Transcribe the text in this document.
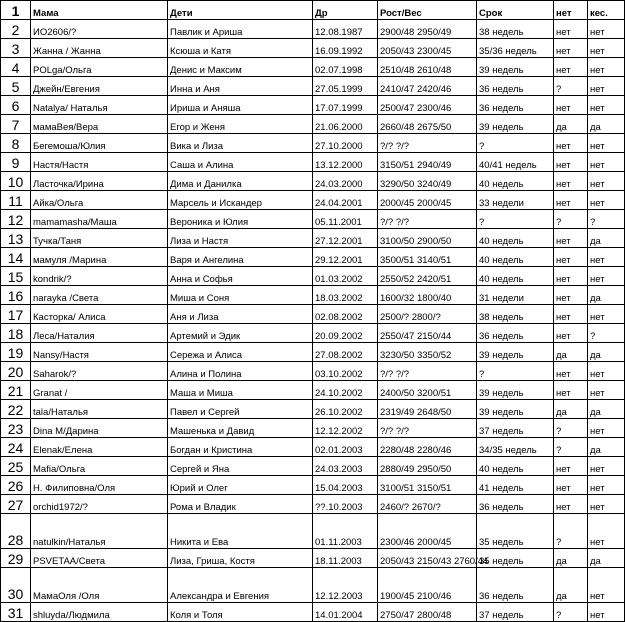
1	Мама	Дети	Др	Рост/Вес	Срок	нет	кес.
2	ИО2606/?	Павлик и Ариша	12.08.1987	2900/48 2950/49	38 недель	нет	нет
3	Жанна / Жанна	Ксюша и Катя	16.09.1992	2050/43 2300/45	35/36 недель	нет	нет
4	POLga/Ольга	Денис и Максим	02.07.1998	2510/48 2610/48	39 недель	нет	нет
5	Джейн/Евгения	Инна и Аня	27.05.1999	2410/47 2420/46	36 недель	?	нет
6	Natalya/ Наталья	Ириша и Аняша	17.07.1999	2500/47 2300/46	36 недель	нет	нет
7	мамаВея/Вера	Егор и Женя	21.06.2000	2660/48 2675/50	39 недель	да	да
8	Бегемоша/Юлия	Вика и Лиза	27.10.2000	?/? ?/?	?	нет	нет
9	Настя/Настя	Саша и Алина	13.12.2000	3150/51 2940/49	40/41 недель	нет	нет
10	Ласточка/Ирина	Дима и Данилка	24.03.2000	3290/50 3240/49	40 недель	нет	нет
11	Айка/Ольга	Марсель и Искандер	24.04.2001	2000/45 2000/45	33 недели	нет	нет
12	mamamasha/Маша	Вероника и Юлия	05.11.2001	?/? ?/?	?	?	?
13	Тучка/Таня	Лиза и Настя	27.12.2001	3100/50 2900/50	40 недель	нет	да
14	мамуля /Марина	Варя и Ангелина	29.12.2001	3500/51 3140/51	40 недель	нет	нет
15	kondrik/?	Анна и Софья	01.03.2002	2550/52 2420/51	40 недель	нет	нет
16	narayka /Света	Миша и Соня	18.03.2002	1600/32 1800/40	31 недели	нет	да
17	Касторка/ Алиса	Аня и Лиза	02.08.2002	2500/? 2800/?	38 недель	нет	нет
18	Леса/Наталия	Артемий и Эдик	20.09.2002	2550/47 2150/44	36 недель	нет	?
19	Nansy/Настя	Сережа и Алиса	27.08.2002	3230/50 3350/52	39 недель	да	да
20	Saharok/?	Алина и Полина	03.10.2002	?/? ?/?	?	нет	нет
21	Granat /	Маша и Миша	24.10.2002	2400/50 3200/51	39 недель	нет	нет
22	tala/Наталья	Павел и Сергей	26.10.2002	2319/49 2648/50	39 недель	да	да
23	Dina M/Дарина	Машенька и Давид	12.12.2002	?/? ?/?	37 недель	?	нет
24	Elenak/Елена	Богдан и Кристина	02.01.2003	2280/48 2280/46	34/35 недель	?	да
25	Mafia/Ольга	Сергей и Яна	24.03.2003	2880/49 2950/50	40 недель	нет	нет
26	Н. Филиповна/Оля	Юрий и Олег	15.04.2003	3100/51 3150/51	41 недель	нет	нет
27	orchid1972/?	Рома и Владик	??.10.2003	2460/? 2670/?	36 недель	нет	нет
28	natulkin/Наталья	Никита и Ева	01.11.2003	2300/46 2000/45	35 недель	?	нет
29	PSVETAA/Света	Лиза, Гриша, Костя	18.11.2003	2050/43 2150/43 2760/44	35 недель	да	да
30	МамаОля /Оля	Александра и Евгения	12.12.2003	1900/45 2100/46	36 недель	да	нет
31	shluyda/Людмила	Коля и Толя	14.01.2004	2750/47 2800/48	37 недель	?	нет
